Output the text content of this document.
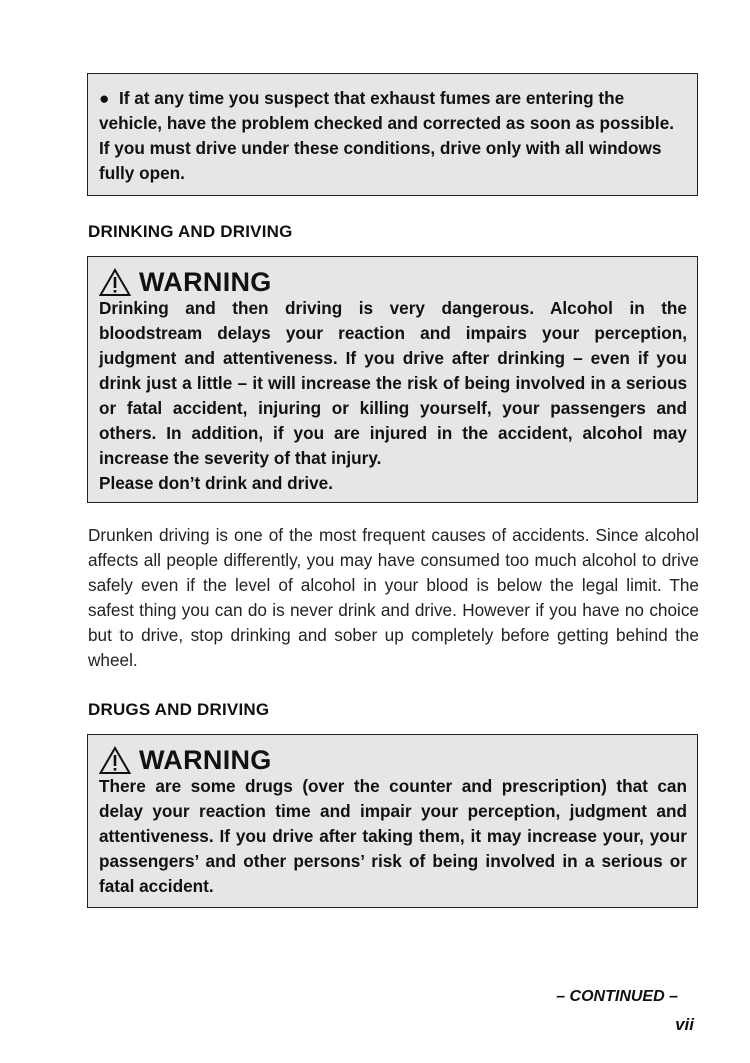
● If at any time you suspect that exhaust fumes are entering the vehicle, have the problem checked and corrected as soon as possible. If you must drive under these conditions, drive only with all windows fully open.

DRINKING AND DRIVING
WARNING

Drinking and then driving is very dangerous. Alcohol in the bloodstream delays your reaction and impairs your perception, judgment and attentiveness. If you drive after drinking – even if you drink just a little – it will increase the risk of being involved in a serious or fatal accident, injuring or killing yourself, your passengers and others. In addition, if you are injured in the accident, alcohol may increase the severity of that injury.

Please don’t drink and drive.

Drunken driving is one of the most frequent causes of accidents. Since alcohol affects all people differently, you may have consumed too much alcohol to drive safely even if the level of alcohol in your blood is below the legal limit. The safest thing you can do is never drink and drive. However if you have no choice but to drive, stop drinking and sober up completely before getting behind the wheel.

DRUGS AND DRIVING
WARNING

There are some drugs (over the counter and prescription) that can delay your reaction time and impair your perception, judgment and attentiveness. If you drive after taking them, it may increase your, your passengers’ and other persons’ risk of being involved in a serious or fatal accident.

– CONTINUED –
vii
